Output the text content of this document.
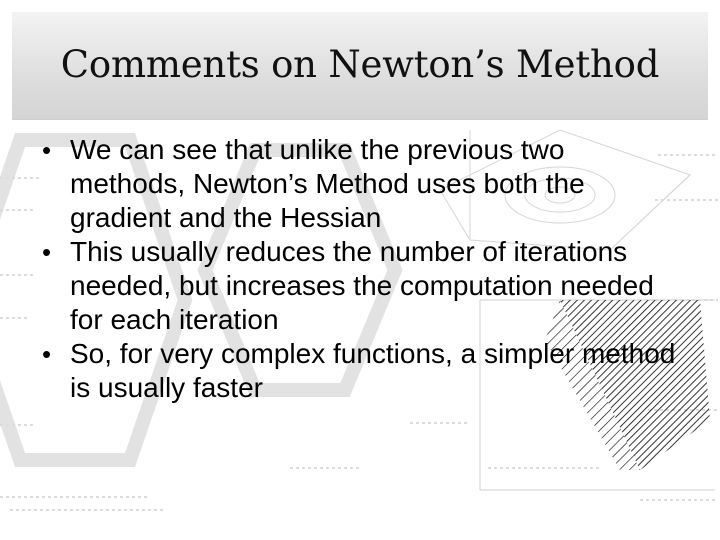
Comments on Newton’s Method
• We can see that unlike the previous two methods, Newton’s Method uses both the gradient and the Hessian
• This usually reduces the number of iterations needed, but increases the computation needed for each iteration
• So, for very complex functions, a simpler method is usually faster
